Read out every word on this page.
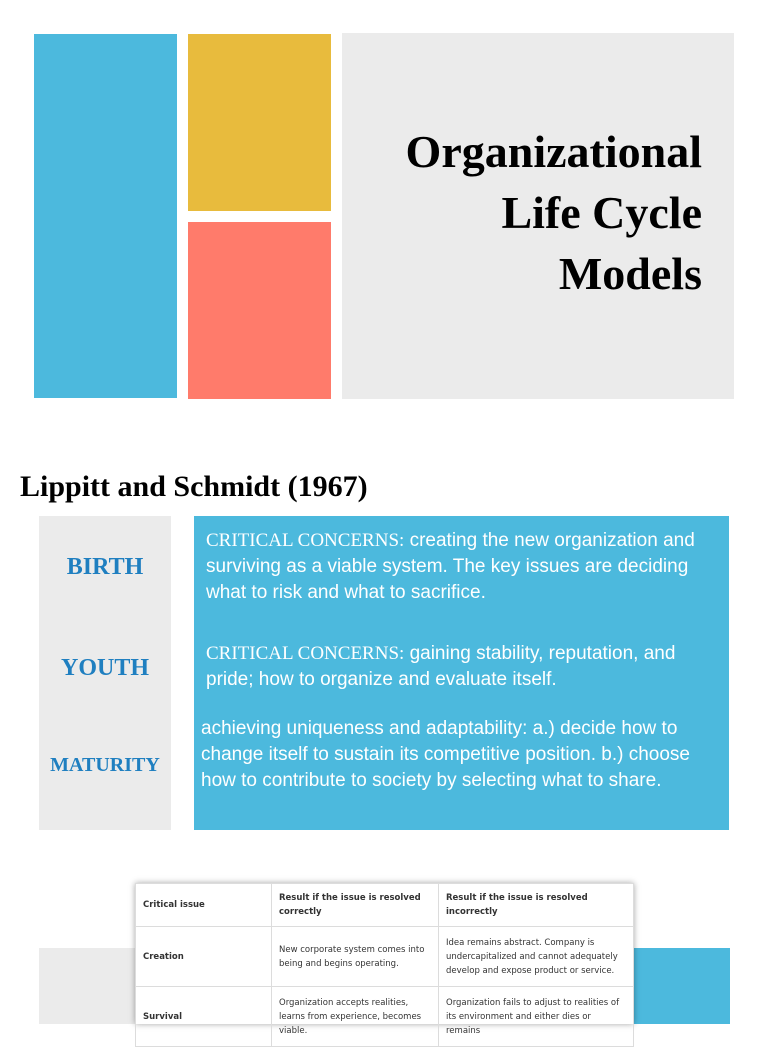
Organizational
Life Cycle
Models
Lippitt and Schmidt (1967)
BIRTH
YOUTH
MATURITY
CRITICAL CONCERNS: creating the new organization and surviving as a viable system. The key issues are deciding what to risk and what to sacrifice.
CRITICAL CONCERNS: gaining stability, reputation, and pride; how to organize and evaluate itself.
achieving uniqueness and adaptability: a.) decide how to change itself to sustain its competitive position. b.) choose how to contribute to society by selecting what to share.
Critical issue	Result if the issue is resolved correctly	Result if the issue is resolved incorrectly
Creation	New corporate system comes into being and begins operating.	Idea remains abstract. Company is undercapitalized and cannot adequately develop and expose product or service.
Survival	Organization accepts realities, learns from experience, becomes viable.	Organization fails to adjust to realities of its environment and either dies or remains
